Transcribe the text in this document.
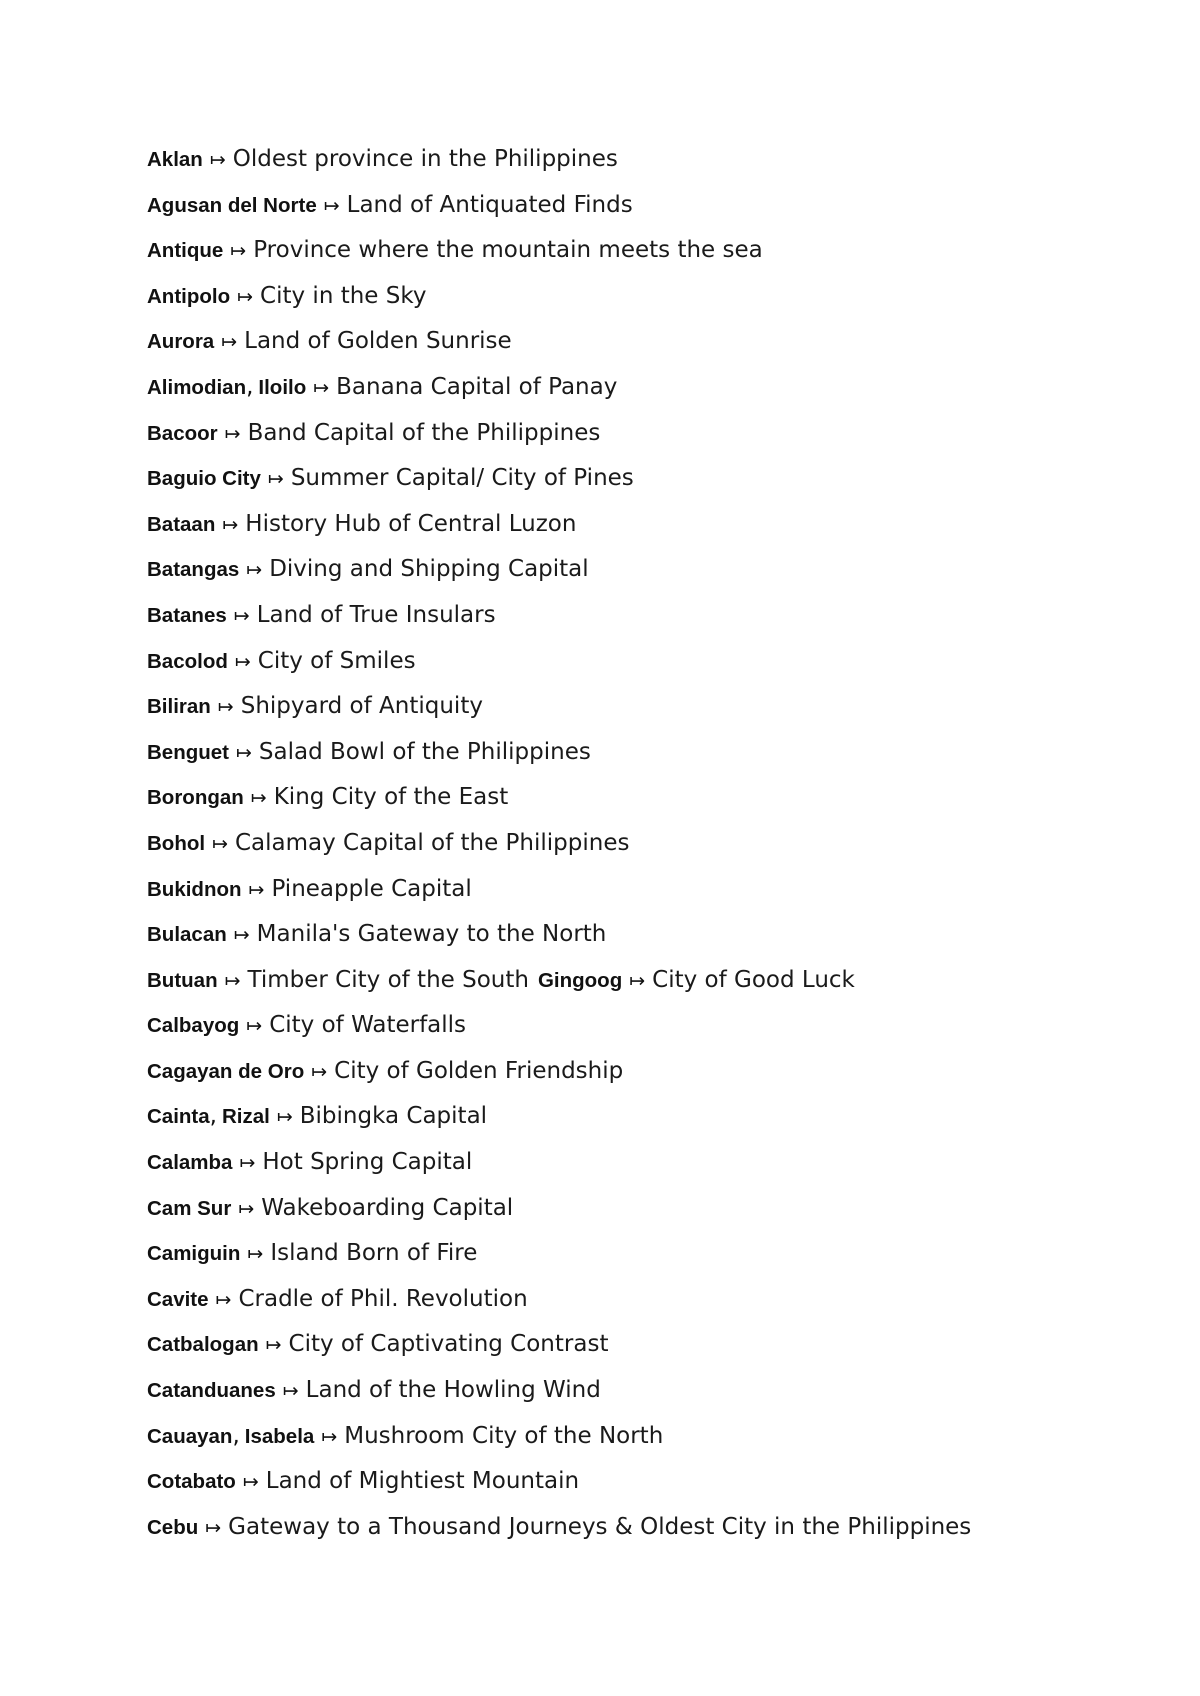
Aklan ↦ Oldest province in the Philippines
Agusan del Norte ↦ Land of Antiquated Finds
Antique ↦ Province where the mountain meets the sea
Antipolo ↦ City in the Sky
Aurora ↦ Land of Golden Sunrise
Alimodian, Iloilo ↦ Banana Capital of Panay
Bacoor ↦ Band Capital of the Philippines
Baguio City ↦ Summer Capital/ City of Pines
Bataan ↦ History Hub of Central Luzon
Batangas ↦ Diving and Shipping Capital
Batanes ↦ Land of True Insulars
Bacolod ↦ City of Smiles
Biliran ↦ Shipyard of Antiquity
Benguet ↦ Salad Bowl of the Philippines
Borongan ↦ King City of the East
Bohol ↦ Calamay Capital of the Philippines
Bukidnon ↦ Pineapple Capital
Bulacan ↦ Manila's Gateway to the North
Butuan ↦ Timber City of the South Gingoog ↦ City of Good Luck
Calbayog ↦ City of Waterfalls
Cagayan de Oro ↦ City of Golden Friendship
Cainta, Rizal ↦ Bibingka Capital
Calamba ↦ Hot Spring Capital
Cam Sur ↦ Wakeboarding Capital
Camiguin ↦ Island Born of Fire
Cavite ↦ Cradle of Phil. Revolution
Catbalogan ↦ City of Captivating Contrast
Catanduanes ↦ Land of the Howling Wind
Cauayan, Isabela ↦ Mushroom City of the North
Cotabato ↦ Land of Mightiest Mountain
Cebu ↦ Gateway to a Thousand Journeys & Oldest City in the Philippines
